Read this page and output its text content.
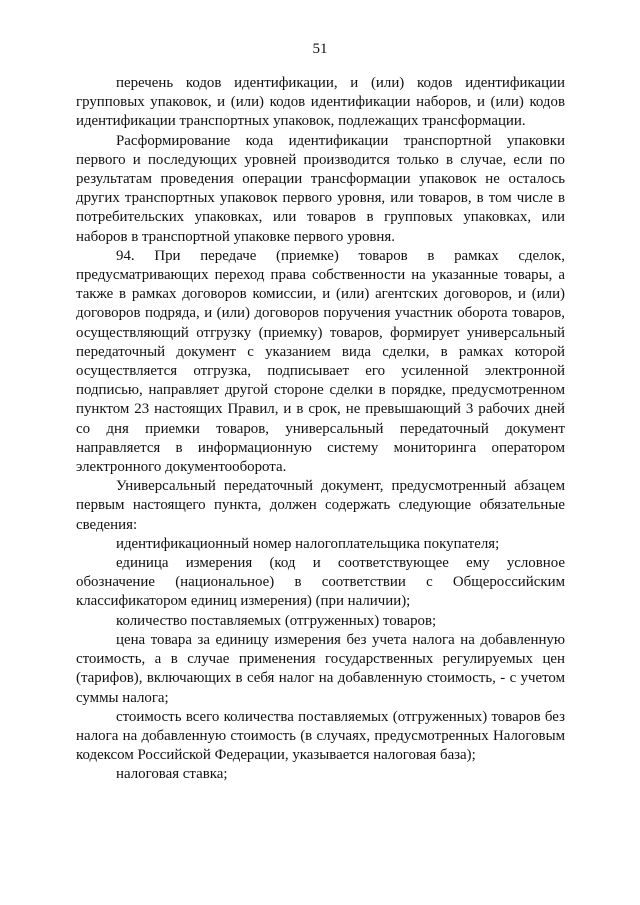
51

перечень кодов идентификации, и (или) кодов идентификации групповых упаковок, и (или) кодов идентификации наборов, и (или) кодов идентификации транспортных упаковок, подлежащих трансформации.

Расформирование кода идентификации транспортной упаковки первого и последующих уровней производится только в случае, если по результатам проведения операции трансформации упаковок не осталось других транспортных упаковок первого уровня, или товаров, в том числе в потребительских упаковках, или товаров в групповых упаковках, или наборов в транспортной упаковке первого уровня.

94. При передаче (приемке) товаров в рамках сделок, предусматривающих переход права собственности на указанные товары, а также в рамках договоров комиссии, и (или) агентских договоров, и (или) договоров подряда, и (или) договоров поручения участник оборота товаров, осуществляющий отгрузку (приемку) товаров, формирует универсальный передаточный документ с указанием вида сделки, в рамках которой осуществляется отгрузка, подписывает его усиленной электронной подписью, направляет другой стороне сделки в порядке, предусмотренном пунктом 23 настоящих Правил, и в срок, не превышающий 3 рабочих дней со дня приемки товаров, универсальный передаточный документ направляется в информационную систему мониторинга оператором электронного документооборота.

Универсальный передаточный документ, предусмотренный абзацем первым настоящего пункта, должен содержать следующие обязательные сведения:

идентификационный номер налогоплательщика покупателя;

единица измерения (код и соответствующее ему условное обозначение (национальное) в соответствии с Общероссийским классификатором единиц измерения) (при наличии);

количество поставляемых (отгруженных) товаров;

цена товара за единицу измерения без учета налога на добавленную стоимость, а в случае применения государственных регулируемых цен (тарифов), включающих в себя налог на добавленную стоимость, - с учетом суммы налога;

стоимость всего количества поставляемых (отгруженных) товаров без налога на добавленную стоимость (в случаях, предусмотренных Налоговым кодексом Российской Федерации, указывается налоговая база);

налоговая ставка;
